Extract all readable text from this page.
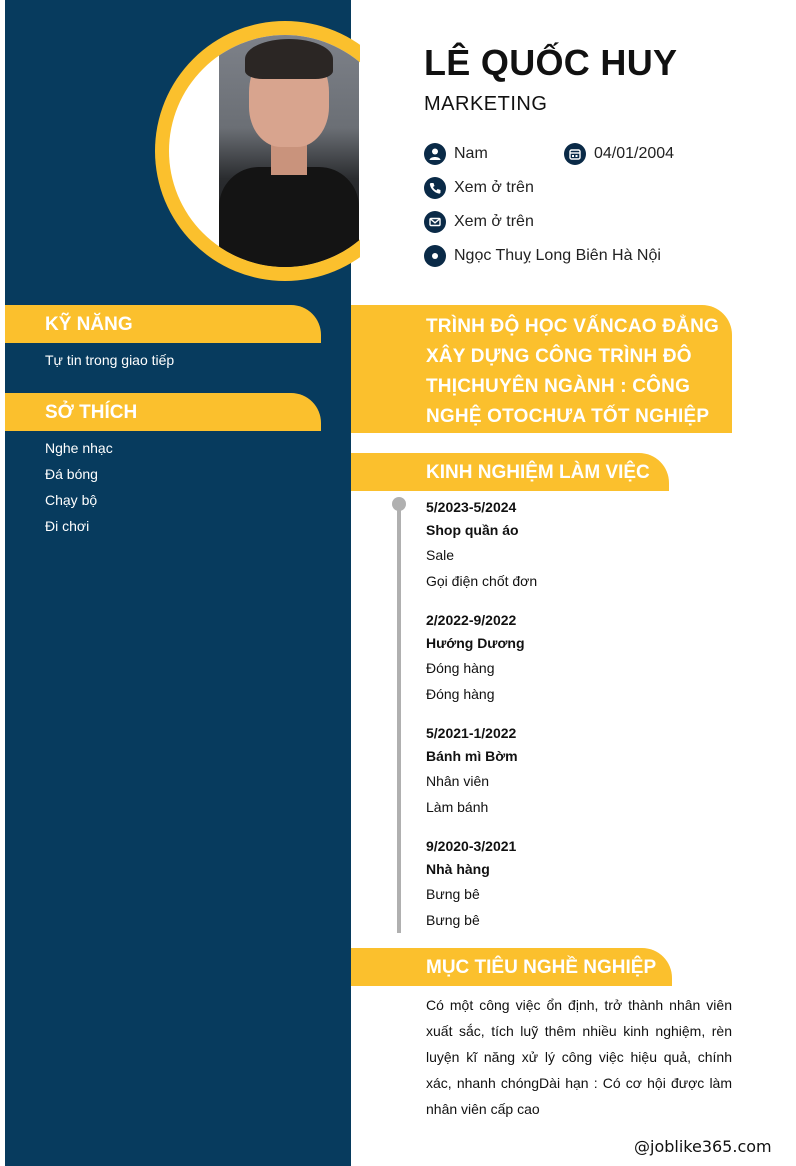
LÊ QUỐC HUY
MARKETING
Nam	04/01/2004
Xem ở trên
Xem ở trên
Ngọc Thuỵ Long Biên Hà Nội
KỸ NĂNG
Tự tin trong giao tiếp
SỞ THÍCH
Nghe nhạc
Đá bóng
Chạy bộ
Đi chơi
TRÌNH ĐỘ HỌC VẤNCAO ĐẲNG XÂY DỰNG CÔNG TRÌNH ĐÔ THỊCHUYÊN NGÀNH : CÔNG NGHỆ OTOCHƯA TỐT NGHIỆP
KINH NGHIỆM LÀM VIỆC
5/2023-5/2024
Shop quần áo
Sale
Gọi điện chốt đơn
2/2022-9/2022
Hướng Dương
Đóng hàng
Đóng hàng
5/2021-1/2022
Bánh mì Bờm
Nhân viên
Làm bánh
9/2020-3/2021
Nhà hàng
Bưng bê
Bưng bê
MỤC TIÊU NGHỀ NGHIỆP
Có một công việc ổn định, trở thành nhân viên xuất sắc, tích luỹ thêm nhiều kinh nghiệm, rèn luyện kĩ năng xử lý công việc hiệu quả, chính xác, nhanh chóngDài hạn : Có cơ hội được làm nhân viên cấp cao
@joblike365.com
